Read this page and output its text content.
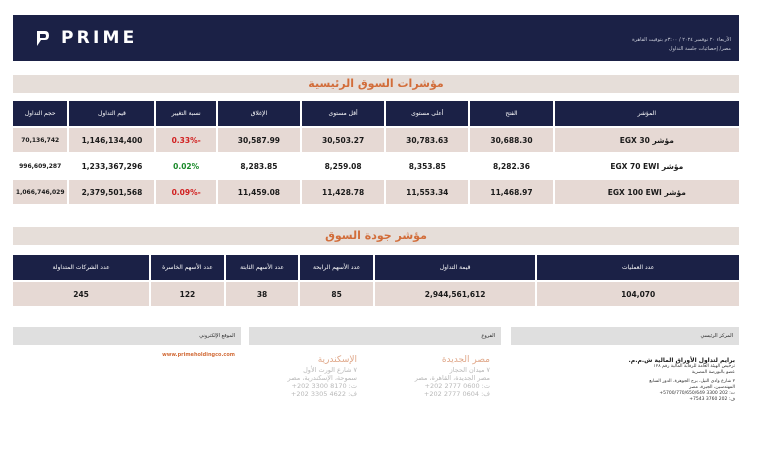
PRIME	الأربعاء ٢٠ نوفمبر ٢٠٢٤ / ٣:٠٠م بتوقيت القاهرة
مصر/ إحصائيات جلسة التداول
مؤشرات السوق الرئيسية
المؤشر	الفتح	أعلى مستوى	أقل مستوى	الإغلاق	نسبة التغيير	قيم التداول	حجم التداول
مؤشر EGX 30	30,688.30	30,783.63	30,503.27	30,587.99	-0.33%	1,146,134,400	70,136,742
مؤشر EGX 70 EWI	8,282.36	8,353.85	8,259.08	8,283.85	0.02%	1,233,367,296	996,609,287
مؤشر EGX 100 EWI	11,468.97	11,553.34	11,428.78	11,459.08	-0.09%	2,379,501,568	1,066,746,029
مؤشر جودة السوق
عدد العمليات	قيمة التداول	عدد الأسهم الرابحة	عدد الأسهم الثابتة	عدد الأسهم الخاسرة	عدد الشركات المتداولة
104,070	2,944,561,612	85	38	122	245
المركز الرئيسي
الفروع
الموقع الإلكتروني
برايم لتداول الأوراق المالية ش.م.م.
ترخيص الهيئة العامة للرقابة المالية رقم ١٢٨
عضو بالبورصة المصرية
٢ شارع وادي النيل، برج الجوهرة، الدور السابع
المهندسين، الجيزة، مصر
ت: 202 3300 5700/770/650/649+
ف: 202 3760 7543+
مصر الجديدة
٧ ميدان الحجاز
مصر الجديدة، القاهرة، مصر
ت: 0600 2777 202+
ف: 0604 2777 202+
الإسكندرية
٧ شارع الورت الأول
سموحة، الإسكندرية، مصر
ت: 8170 3300 202+
ف: 4622 3305 202+
www.primeholdingco.com
